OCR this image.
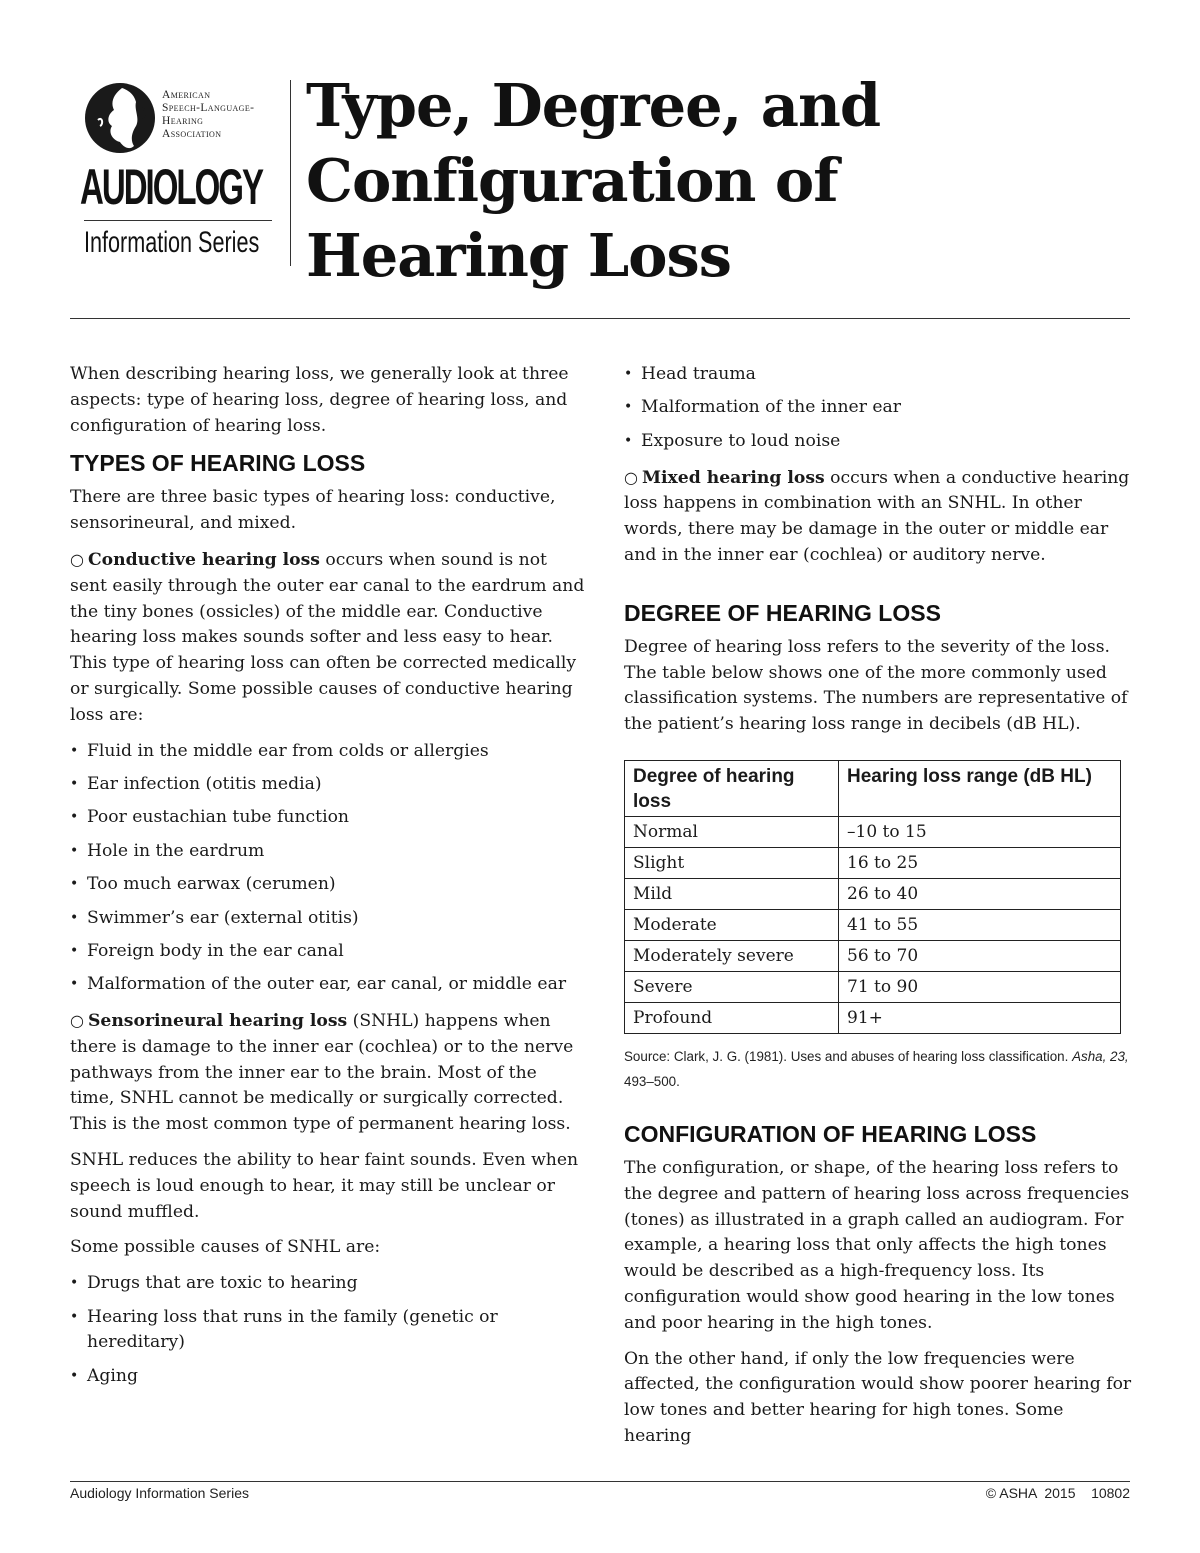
American
Speech-Language-
Hearing
Association
AUDIOLOGY
Information Series
Type, Degree, and
Configuration of
Hearing Loss

When describing hearing loss, we generally look at three aspects: type of hearing loss, degree of hearing loss, and configuration of hearing loss.

TYPES OF HEARING LOSS

There are three basic types of hearing loss: conductive, sensorineural, and mixed.

○ Conductive hearing loss occurs when sound is not sent easily through the outer ear canal to the eardrum and the tiny bones (ossicles) of the middle ear. Conductive hearing loss makes sounds softer and less easy to hear. This type of hearing loss can often be corrected medically or surgically. Some possible causes of conductive hearing loss are:

• Fluid in the middle ear from colds or allergies
• Ear infection (otitis media)
• Poor eustachian tube function
• Hole in the eardrum
• Too much earwax (cerumen)
• Swimmer’s ear (external otitis)
• Foreign body in the ear canal
• Malformation of the outer ear, ear canal, or middle ear

○ Sensorineural hearing loss (SNHL) happens when there is damage to the inner ear (cochlea) or to the nerve pathways from the inner ear to the brain. Most of the time, SNHL cannot be medically or surgically corrected. This is the most common type of permanent hearing loss.

SNHL reduces the ability to hear faint sounds. Even when speech is loud enough to hear, it may still be unclear or sound muffled.

Some possible causes of SNHL are:

• Drugs that are toxic to hearing
• Hearing loss that runs in the family (genetic or hereditary)
• Aging
• Head trauma
• Malformation of the inner ear
• Exposure to loud noise

○ Mixed hearing loss occurs when a conductive hearing loss happens in combination with an SNHL. In other words, there may be damage in the outer or middle ear and in the inner ear (cochlea) or auditory nerve.

DEGREE OF HEARING LOSS

Degree of hearing loss refers to the severity of the loss. The table below shows one of the more commonly used classification systems. The numbers are representative of the patient’s hearing loss range in decibels (dB HL).

Degree of hearing loss	Hearing loss range (dB HL)
Normal	–10 to 15
Slight	16 to 25
Mild	26 to 40
Moderate	41 to 55
Moderately severe	56 to 70
Severe	71 to 90
Profound	91+

Source: Clark, J. G. (1981). Uses and abuses of hearing loss classification. Asha, 23, 493–500.

CONFIGURATION OF HEARING LOSS

The configuration, or shape, of the hearing loss refers to the degree and pattern of hearing loss across frequencies (tones) as illustrated in a graph called an audiogram. For example, a hearing loss that only affects the high tones would be described as a high-frequency loss. Its configuration would show good hearing in the low tones and poor hearing in the high tones.

On the other hand, if only the low frequencies were affected, the configuration would show poorer hearing for low tones and better hearing for high tones. Some hearing

Audiology Information Series	© ASHA  2015    10802
